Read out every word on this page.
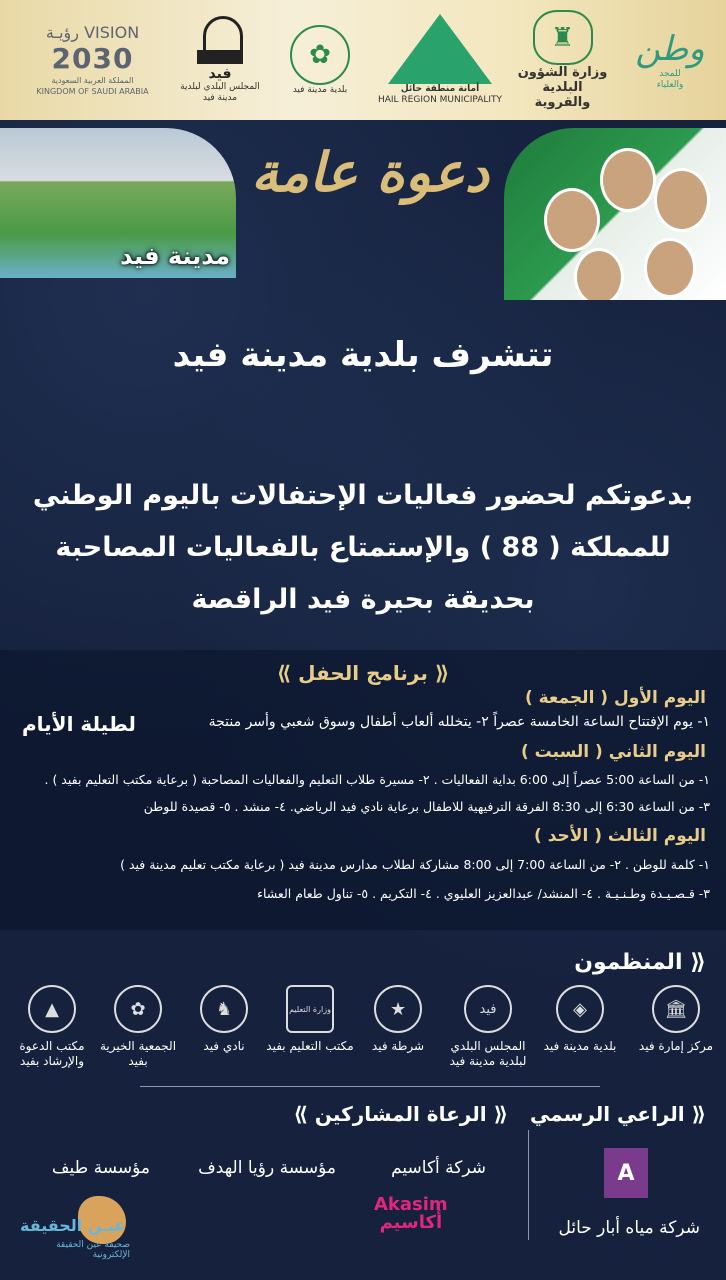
رؤيـة VISION
2030
المملكة العربية السعودية
KINGDOM OF SAUDI ARABIA
فيد
المجلس البلدي لبلدية مدينة فيد
✿
بلدية مدينة فيد	أمانة منطقة حائل
HAIL REGION MUNICIPALITY
♜
وزارة الشؤون
البلدية والقروية
وطن
للمجد
والعلياء
مدينة فيد
دعوة عامة
تتشرف بلدية مدينة فيد
بدعوتكم لحضور فعاليات الإحتفالات باليوم الوطني
للمملكة ( 88 ) والإستمتاع بالفعاليات المصاحبة
بحديقة بحيرة فيد الراقصة
⟪ برنامج الحفل ⟫
اليوم الأول ( الجمعة )
١- يوم الإفتتاح الساعة الخامسة عصراً ٢- يتخلله ألعاب أطفال وسوق شعبي وأسر منتجة
لطيلة الأيام
اليوم الثاني ( السبت )
١- من الساعة 5:00 عصراً إلى 6:00 بداية الفعاليات . ٢- مسيرة طلاب التعليم والفعاليات المصاحبة ( برعاية مكتب التعليم بفيد ) .
٣- من الساعة 6:30 إلى 8:30 الفرقة الترفيهية للاطفال برعاية نادي فيد الرياضي. ٤- منشد . ٥- قصيدة للوطن
اليوم الثالث ( الأحد )
١- كلمة للوطن . ٢- من الساعة 7:00 إلى 8:00 مشاركة لطلاب مدارس مدينة فيد ( برعاية مكتب تعليم مدينة فيد )
٣- قـصـيـدة وطـنـيـة . ٤- المنشد/ عبدالعزيز العليوي . ٤- التكريم . ٥- تناول طعام العشاء
⟪ المنظمون
🏛
مركز إمارة فيد
◈
بلدية مدينة فيد
فيد
المجلس البلدي لبلدية مدينة فيد
★
شرطة فيد
وزارة التعليم
مكتب التعليم بفيد
♞
نادي فيد
✿
الجمعية الخيرية بفيد
▲
مكتب الدعوة والإرشاد بفيد
⟪ الراعي الرسمي
⟪ الرعاة المشاركين ⟫
A
شركة مياه أبار حائل
شركة أكاسيم
مؤسسة رؤيا الهدف
مؤسسة طيف
Akasim
أكاسيم
عيـن الحقيقة
صحيفة عين الحقيقة الإلكترونية
